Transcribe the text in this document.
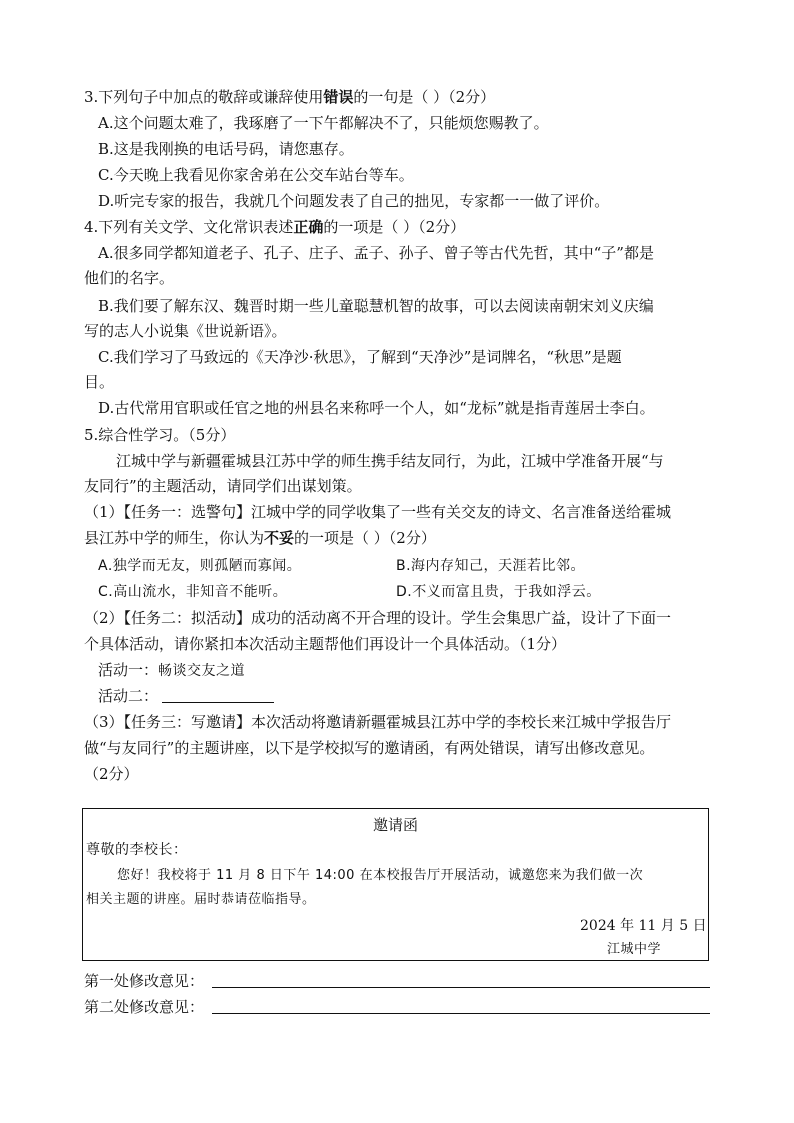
3.下列句子中加点的敬辞或谦辞使用错误的一句是（ ）（2分）
A.这个问题太难了，我琢磨了一下午都解决不了，只能烦您赐教了。
B.这是我刚换的电话号码，请您惠存。
C.今天晚上我看见你家舍弟在公交车站台等车。
D.听完专家的报告，我就几个问题发表了自己的拙见，专家都一一做了评价。
4.下列有关文学、文化常识表述正确的一项是（ ）（2分）
A.很多同学都知道老子、孔子、庄子、孟子、孙子、曾子等古代先哲，其中“子”都是
他们的名字。
B.我们要了解东汉、魏晋时期一些儿童聪慧机智的故事，可以去阅读南朝宋刘义庆编
写的志人小说集《世说新语》。
C.我们学习了马致远的《天净沙·秋思》，了解到“天净沙”是词牌名，“秋思”是题
目。
D.古代常用官职或任官之地的州县名来称呼一个人，如“龙标”就是指青莲居士李白。
5.综合性学习。（5分）
江城中学与新疆霍城县江苏中学的师生携手结友同行，为此，江城中学准备开展“与
友同行”的主题活动，请同学们出谋划策。
（1）【任务一：选警句】江城中学的同学收集了一些有关交友的诗文、名言准备送给霍城
县江苏中学的师生，你认为不妥的一项是（ ）（2分）
A.独学而无友，则孤陋而寡闻。	B.海内存知己，天涯若比邻。
C.高山流水，非知音不能听。	D.不义而富且贵，于我如浮云。
（2）【任务二：拟活动】成功的活动离不开合理的设计。学生会集思广益，设计了下面一
个具体活动，请你紧扣本次活动主题帮他们再设计一个具体活动。（1分）
活动一：畅谈交友之道
活动二：
（3）【任务三：写邀请】本次活动将邀请新疆霍城县江苏中学的李校长来江城中学报告厅
做“与友同行”的主题讲座，以下是学校拟写的邀请函，有两处错误，请写出修改意见。
（2分）
邀请函
尊敬的李校长：
您好！我校将于 11 月 8 日下午 14:00 在本校报告厅开展活动，诚邀您来为我们做一次
相关主题的讲座。届时恭请莅临指导。
2024 年 11 月 5 日
江城中学
第一处修改意见：
第二处修改意见：
